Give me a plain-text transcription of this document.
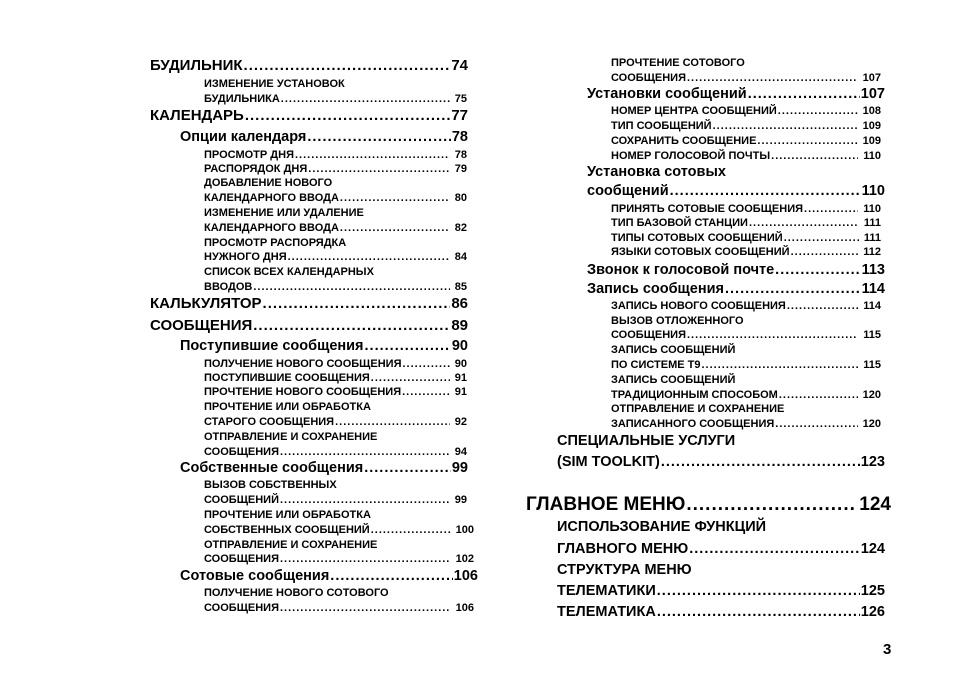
БУДИЛЬНИК .....	74
ИЗМЕНЕНИЕ УСТАНОВОК
БУДИЛЬНИКА .....	75
КАЛЕНДАРЬ .....	77
Опции календаря .....	78
ПРОСМОТР ДНЯ .....	78
РАСПОРЯДОК ДНЯ .....	79
ДОБАВЛЕНИЕ НОВОГО
КАЛЕНДАРНОГО ВВОДА .....	80
ИЗМЕНЕНИЕ ИЛИ УДАЛЕНИЕ
КАЛЕНДАРНОГО ВВОДА .....	82
ПРОСМОТР РАСПОРЯДКА
НУЖНОГО ДНЯ .....	84
СПИСОК ВСЕХ КАЛЕНДАРНЫХ
ВВОДОВ .....	85
КАЛЬКУЛЯТОР .....	86
СООБЩЕНИЯ .....	89
Поступившие сообщения .....	90
ПОЛУЧЕНИЕ НОВОГО СООБЩЕНИЯ .....	90
ПОСТУПИВШИЕ СООБЩЕНИЯ .....	91
ПРОЧТЕНИЕ НОВОГО СООБЩЕНИЯ .....	91
ПРОЧТЕНИЕ ИЛИ ОБРАБОТКА
СТАРОГО СООБЩЕНИЯ .....	92
ОТПРАВЛЕНИЕ И СОХРАНЕНИЕ
СООБЩЕНИЯ .....	94
Собственные сообщения .....	99
ВЫЗОВ СОБСТВЕННЫХ
СООБЩЕНИЙ .....	99
ПРОЧТЕНИЕ ИЛИ ОБРАБОТКА
СОБСТВЕННЫХ СООБЩЕНИЙ .....	100
ОТПРАВЛЕНИЕ И СОХРАНЕНИЕ
СООБЩЕНИЯ .....	102
Сотовые сообщения .....	106
ПОЛУЧЕНИЕ НОВОГО СОТОВОГО
СООБЩЕНИЯ .....	106
ПРОЧТЕНИЕ СОТОВОГО
СООБЩЕНИЯ .....	107
Установки сообщений .....	107
НОМЕР ЦЕНТРА СООБЩЕНИЙ .....	108
ТИП СООБЩЕНИЙ .....	109
СОХРАНИТЬ СООБЩЕНИЕ .....	109
НОМЕР ГОЛОСОВОЙ ПОЧТЫ .....	110
Установка сотовых
сообщений .....	110
ПРИНЯТЬ СОТОВЫЕ СООБЩЕНИЯ .....	110
ТИП БАЗОВОЙ СТАНЦИИ .....	111
ТИПЫ СОТОВЫХ СООБЩЕНИЙ .....	111
ЯЗЫКИ СОТОВЫХ СООБЩЕНИЙ .....	112
Звонок к голосовой почте .....	113
Запись сообщения .....	114
ЗАПИСЬ НОВОГО СООБЩЕНИЯ .....	114
ВЫЗОВ ОТЛОЖЕННОГО
СООБЩЕНИЯ .....	115
ЗАПИСЬ СООБЩЕНИЙ
ПО СИСТЕМЕ Т9 .....	115
ЗАПИСЬ СООБЩЕНИЙ
ТРАДИЦИОННЫМ СПОСОБОМ .....	120
ОТПРАВЛЕНИЕ И СОХРАНЕНИЕ
ЗАПИСАННОГО СООБЩЕНИЯ .....	120
СПЕЦИАЛЬНЫЕ УСЛУГИ
(SIM TOOLKIT) .....	123
ГЛАВНОЕ МЕНЮ .....	124
ИСПОЛЬЗОВАНИЕ ФУНКЦИЙ
ГЛАВНОГО МЕНЮ .....	124
СТРУКТУРА МЕНЮ
ТЕЛЕМАТИКИ .....	125
ТЕЛЕМАТИКА .....	126
3
